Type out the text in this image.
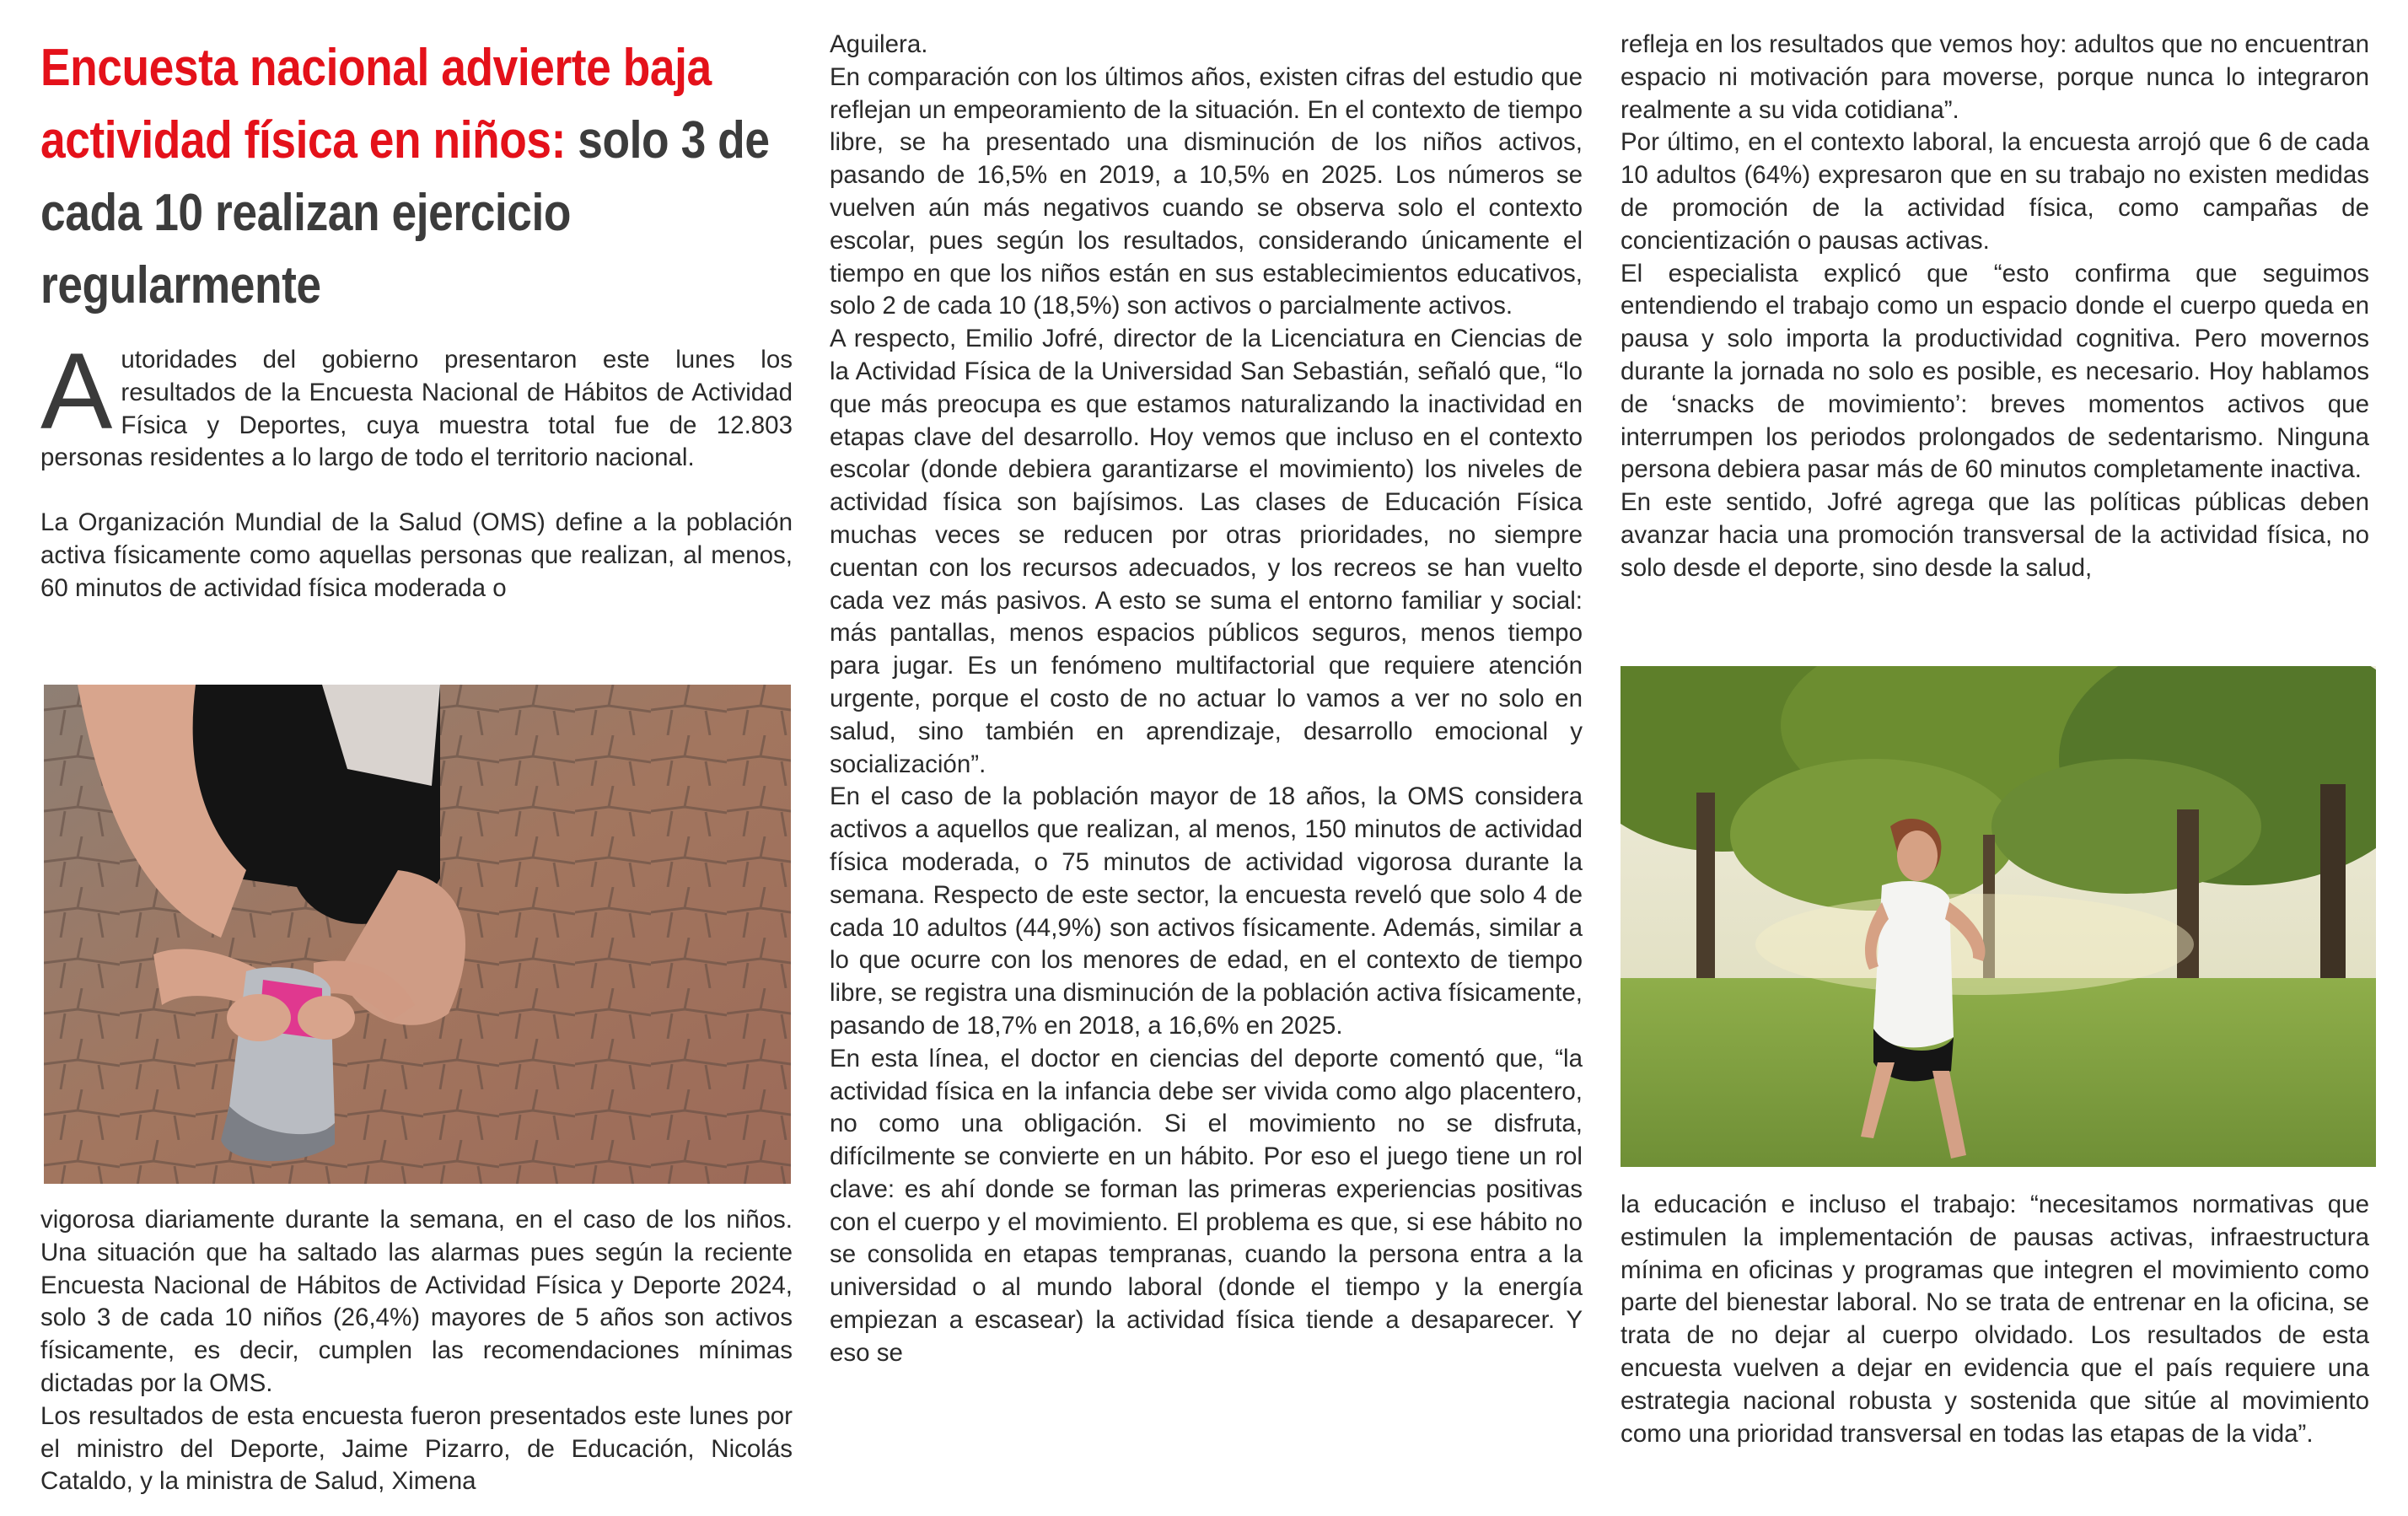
Encuesta nacional advierte baja actividad física en niños: solo 3 de cada 10 realizan ejercicio regularmente

Autoridades del gobierno presentaron este lunes los resultados de la Encuesta Nacional de Hábitos de Actividad Física y Deportes, cuya muestra total fue de 12.803 personas residentes a lo largo de todo el territorio nacional.

La Organización Mundial de la Salud (OMS) define a la población activa físicamente como aquellas personas que realizan, al menos, 60 minutos de actividad física moderada o

vigorosa diariamente durante la semana, en el caso de los niños. Una situación que ha saltado las alarmas pues según la reciente Encuesta Nacional de Hábitos de Actividad Física y Deporte 2024, solo 3 de cada 10 niños (26,4%) mayores de 5 años son activos físicamente, es decir, cumplen las recomendaciones mínimas dictadas por la OMS.

Los resultados de esta encuesta fueron presentados este lunes por el ministro del Deporte, Jaime Pizarro, de Educación, Nicolás Cataldo, y la ministra de Salud, Ximena

Aguilera.

En comparación con los últimos años, existen cifras del estudio que reflejan un empeoramiento de la situación. En el contexto de tiempo libre, se ha presentado una disminución de los niños activos, pasando de 16,5% en 2019, a 10,5% en 2025. Los números se vuelven aún más negativos cuando se observa solo el contexto escolar, pues según los resultados, considerando únicamente el tiempo en que los niños están en sus establecimientos educativos, solo 2 de cada 10 (18,5%) son activos o parcialmente activos.

A respecto, Emilio Jofré, director de la Licenciatura en Ciencias de la Actividad Física de la Universidad San Sebastián, señaló que, “lo que más preocupa es que estamos naturalizando la inactividad en etapas clave del desarrollo. Hoy vemos que incluso en el contexto escolar (donde debiera garantizarse el movimiento) los niveles de actividad física son bajísimos. Las clases de Educación Física muchas veces se reducen por otras prioridades, no siempre cuentan con los recursos adecuados, y los recreos se han vuelto cada vez más pasivos. A esto se suma el entorno familiar y social: más pantallas, menos espacios públicos seguros, menos tiempo para jugar. Es un fenómeno multifactorial que requiere atención urgente, porque el costo de no actuar lo vamos a ver no solo en salud, sino también en aprendizaje, desarrollo emocional y socialización”.

En el caso de la población mayor de 18 años, la OMS considera activos a aquellos que realizan, al menos, 150 minutos de actividad física moderada, o 75 minutos de actividad vigorosa durante la semana. Respecto de este sector, la encuesta reveló que solo 4 de cada 10 adultos (44,9%) son activos físicamente. Además, similar a lo que ocurre con los menores de edad, en el contexto de tiempo libre, se registra una disminución de la población activa físicamente, pasando de 18,7% en 2018, a 16,6% en 2025.

En esta línea, el doctor en ciencias del deporte comentó que, “la actividad física en la infancia debe ser vivida como algo placentero, no como una obligación. Si el movimiento no se disfruta, difícilmente se convierte en un hábito. Por eso el juego tiene un rol clave: es ahí donde se forman las primeras experiencias positivas con el cuerpo y el movimiento. El problema es que, si ese hábito no se consolida en etapas tempranas, cuando la persona entra a la universidad o al mundo laboral (donde el tiempo y la energía empiezan a escasear) la actividad física tiende a desaparecer. Y eso se

refleja en los resultados que vemos hoy: adultos que no encuentran espacio ni motivación para moverse, porque nunca lo integraron realmente a su vida cotidiana”.

Por último, en el contexto laboral, la encuesta arrojó que 6 de cada 10 adultos (64%) expresaron que en su trabajo no existen medidas de promoción de la actividad física, como campañas de concientización o pausas activas.

El especialista explicó que “esto confirma que seguimos entendiendo el trabajo como un espacio donde el cuerpo queda en pausa y solo importa la productividad cognitiva. Pero movernos durante la jornada no solo es posible, es necesario. Hoy hablamos de ‘snacks de movimiento’: breves momentos activos que interrumpen los periodos prolongados de sedentarismo. Ninguna persona debiera pasar más de 60 minutos completamente inactiva.

En este sentido, Jofré agrega que las políticas públicas deben avanzar hacia una promoción transversal de la actividad física, no solo desde el deporte, sino desde la salud,

la educación e incluso el trabajo: “necesitamos normativas que estimulen la implementación de pausas activas, infraestructura mínima en oficinas y programas que integren el movimiento como parte del bienestar laboral. No se trata de entrenar en la oficina, se trata de no dejar al cuerpo olvidado. Los resultados de esta encuesta vuelven a dejar en evidencia que el país requiere una estrategia nacional robusta y sostenida que sitúe al movimiento como una prioridad transversal en todas las etapas de la vida”.
